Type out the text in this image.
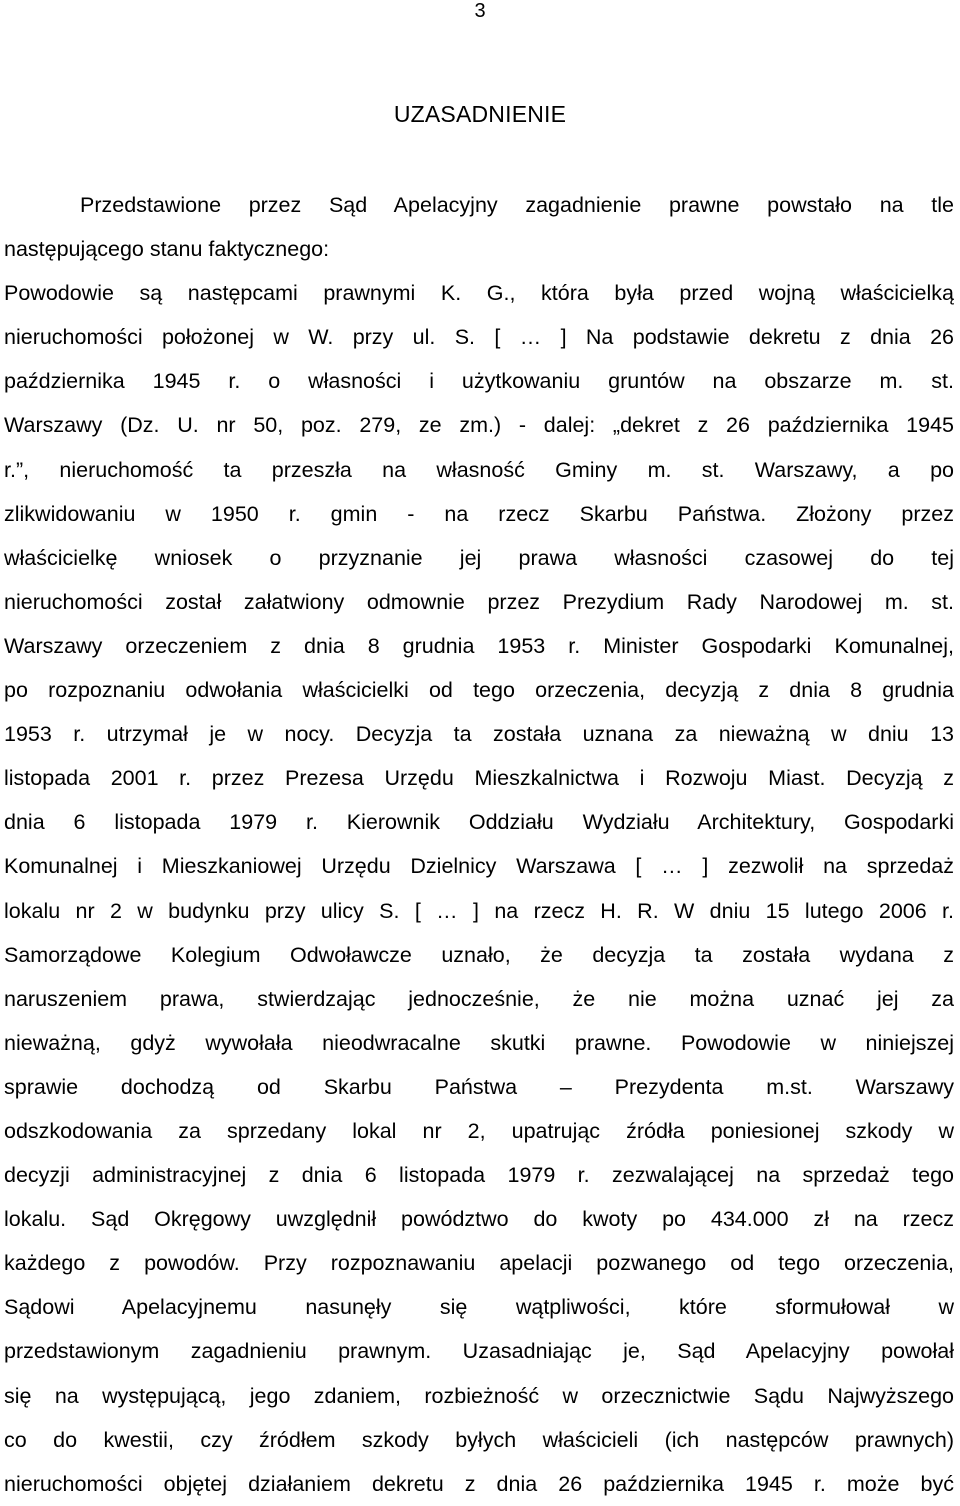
3
UZASADNIENIE
Przedstawione przez Sąd Apelacyjny zagadnienie prawne powstało na tle
następującego stanu faktycznego:
Powodowie są następcami prawnymi K. G., która była przed wojną właścicielką
nieruchomości położonej w W. przy ul. S. [ … ] Na podstawie dekretu z dnia 26
października 1945 r. o własności i użytkowaniu gruntów na obszarze m. st.
Warszawy (Dz. U. nr 50, poz. 279, ze zm.) - dalej: „dekret z 26 października 1945
r.”, nieruchomość ta przeszła na własność Gminy m. st. Warszawy, a po
zlikwidowaniu w 1950 r. gmin - na rzecz Skarbu Państwa. Złożony przez
właścicielkę wniosek o przyznanie jej prawa własności czasowej do tej
nieruchomości został załatwiony odmownie przez Prezydium Rady Narodowej m. st.
Warszawy orzeczeniem z dnia 8 grudnia 1953 r. Minister Gospodarki Komunalnej,
po rozpoznaniu odwołania właścicielki od tego orzeczenia, decyzją z dnia 8 grudnia
1953 r. utrzymał je w nocy. Decyzja ta została uznana za nieważną w dniu 13
listopada 2001 r. przez Prezesa Urzędu Mieszkalnictwa i Rozwoju Miast. Decyzją z
dnia 6 listopada 1979 r. Kierownik Oddziału Wydziału Architektury, Gospodarki
Komunalnej i Mieszkaniowej Urzędu Dzielnicy Warszawa [ … ] zezwolił na sprzedaż
lokalu nr 2 w budynku przy ulicy S. [ … ] na rzecz H. R. W dniu 15 lutego 2006 r.
Samorządowe Kolegium Odwoławcze uznało, że decyzja ta została wydana z
naruszeniem prawa, stwierdzając jednocześnie, że nie można uznać jej za
nieważną, gdyż wywołała nieodwracalne skutki prawne. Powodowie w niniejszej
sprawie dochodzą od Skarbu Państwa – Prezydenta m.st. Warszawy
odszkodowania za sprzedany lokal nr 2, upatrując źródła poniesionej szkody w
decyzji administracyjnej z dnia 6 listopada 1979 r. zezwalającej na sprzedaż tego
lokalu. Sąd Okręgowy uwzględnił powództwo do kwoty po 434.000 zł na rzecz
każdego z powodów. Przy rozpoznawaniu apelacji pozwanego od tego orzeczenia,
Sądowi Apelacyjnemu nasunęły się wątpliwości, które sformułował w
przedstawionym zagadnieniu prawnym. Uzasadniając je, Sąd Apelacyjny powołał
się na występującą, jego zdaniem, rozbieżność w orzecznictwie Sądu Najwyższego
co do kwestii, czy źródłem szkody byłych właścicieli (ich następców prawnych)
nieruchomości objętej działaniem dekretu z dnia 26 października 1945 r. może być
